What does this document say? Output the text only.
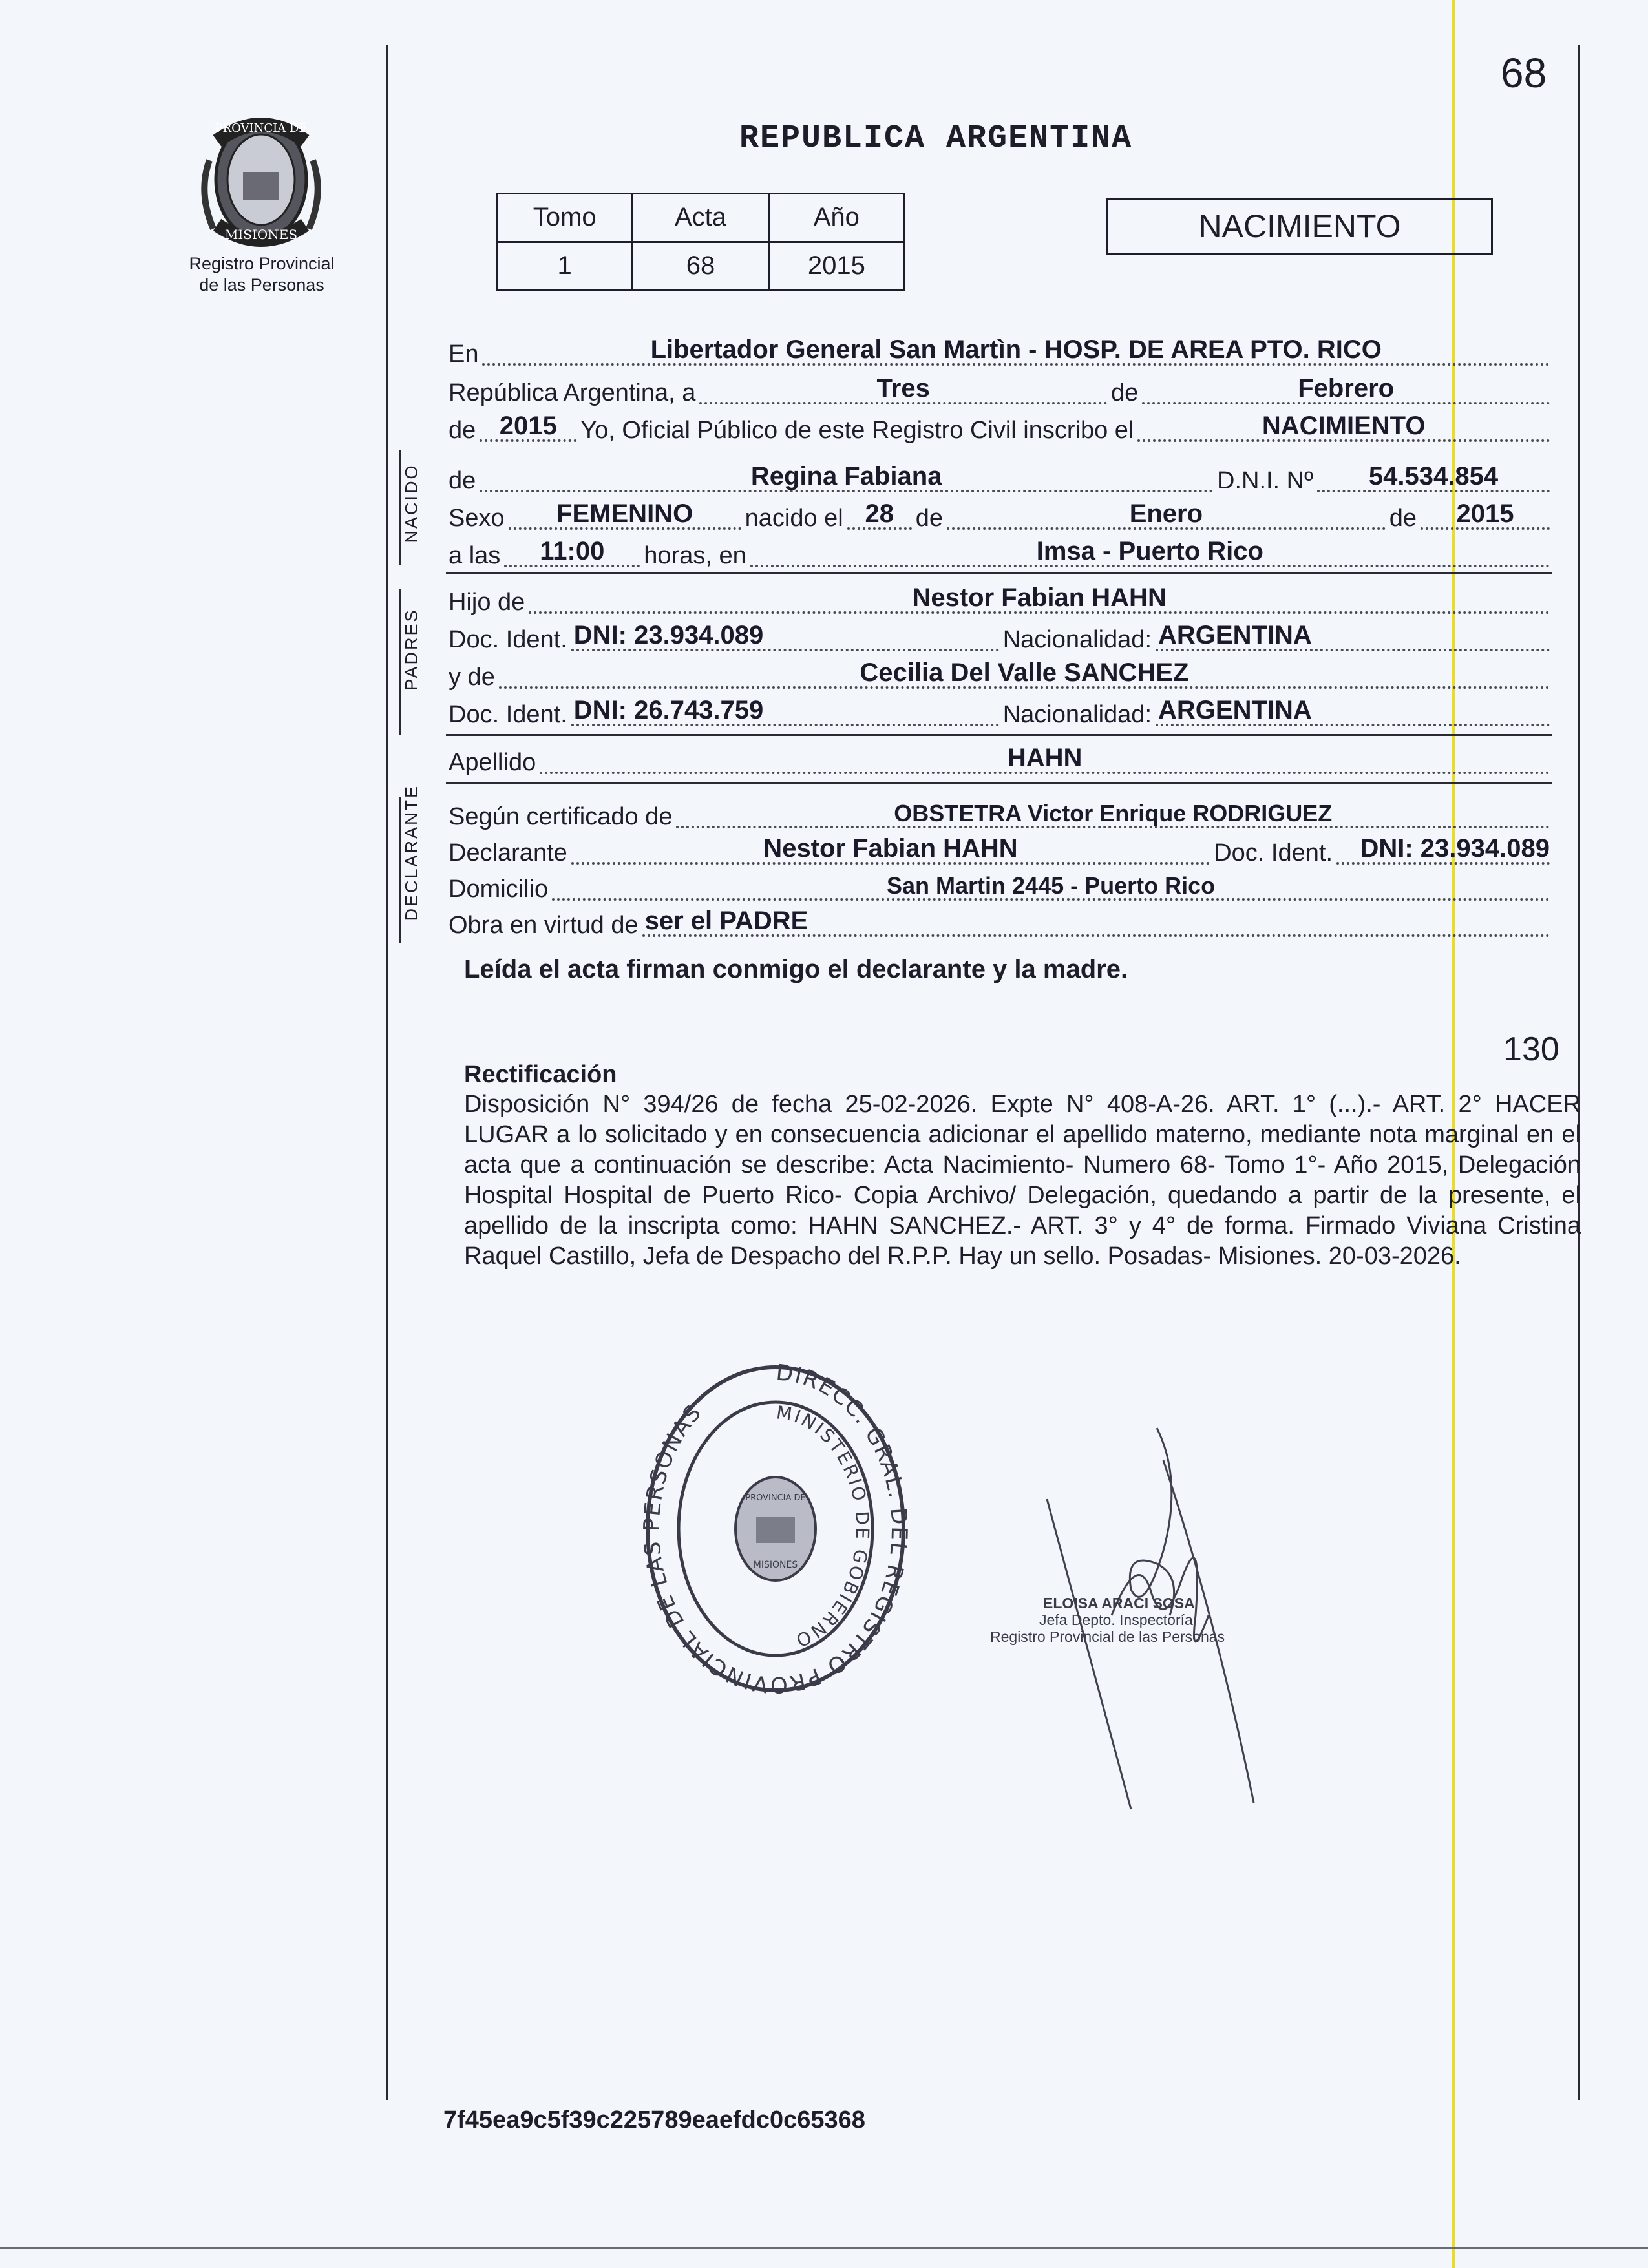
68
PROVINCIA DE
MISIONES
Registro Provincial
de las Personas
REPUBLICA ARGENTINA
Tomo	Acta	Año
1	68	2015
NACIMIENTO
En	Libertador General San Martìn - HOSP. DE AREA PTO. RICO
República Argentina, a	Tres	de	Febrero
de 2015 Yo, Oficial Público de este Registro Civil inscribo el	NACIMIENTO
NACIDO de	Regina Fabiana	D.N.I. Nº 54.534.854
Sexo FEMENINO nacido el 28 de	Enero	de 2015
a las 11:00 horas, en	Imsa - Puerto Rico
PADRES
Hijo de	Nestor Fabian HAHN
Doc. Ident. DNI: 23.934.089	Nacionalidad: ARGENTINA
y de	Cecilia Del Valle SANCHEZ
Doc. Ident. DNI: 26.743.759	Nacionalidad: ARGENTINA
Apellido	HAHN
DECLARANTE Según certificado de	OBSTETRA Victor Enrique RODRIGUEZ
Declarante	Nestor Fabian HAHN	Doc. Ident. DNI: 23.934.089
Domicilio	San Martin 2445 - Puerto Rico
Obra en virtud de ser el PADRE
Leída el acta firman conmigo el declarante y la madre.
130
Rectificación
Disposición N° 394/26 de fecha 25-02-2026. Expte N° 408-A-26. ART. 1° (...).- ART. 2° HACER LUGAR a lo solicitado y en consecuencia adicionar el apellido materno, mediante nota marginal en el acta que a continuación se describe: Acta Nacimiento- Numero 68- Tomo 1°- Año 2015, Delegación Hospital Hospital de Puerto Rico- Copia Archivo/ Delegación, quedando a partir de la presente, el apellido de la inscripta como: HAHN SANCHEZ.- ART. 3° y 4° de forma. Firmado Viviana Cristina Raquel Castillo, Jefa de Despacho del R.P.P. Hay un sello. Posadas- Misiones. 20-03-2026.
DIRECC. GRAL. DEL REGISTRO PROVINCIAL DE LAS PERSONAS	MINISTERIO DE GOBIERNO
PROVINCIA DE
MISIONES
ELOISA ARACI SOSA
Jefa Depto. Inspectoría
Registro Provincial de las Personas
7f45ea9c5f39c225789eaefdc0c65368
